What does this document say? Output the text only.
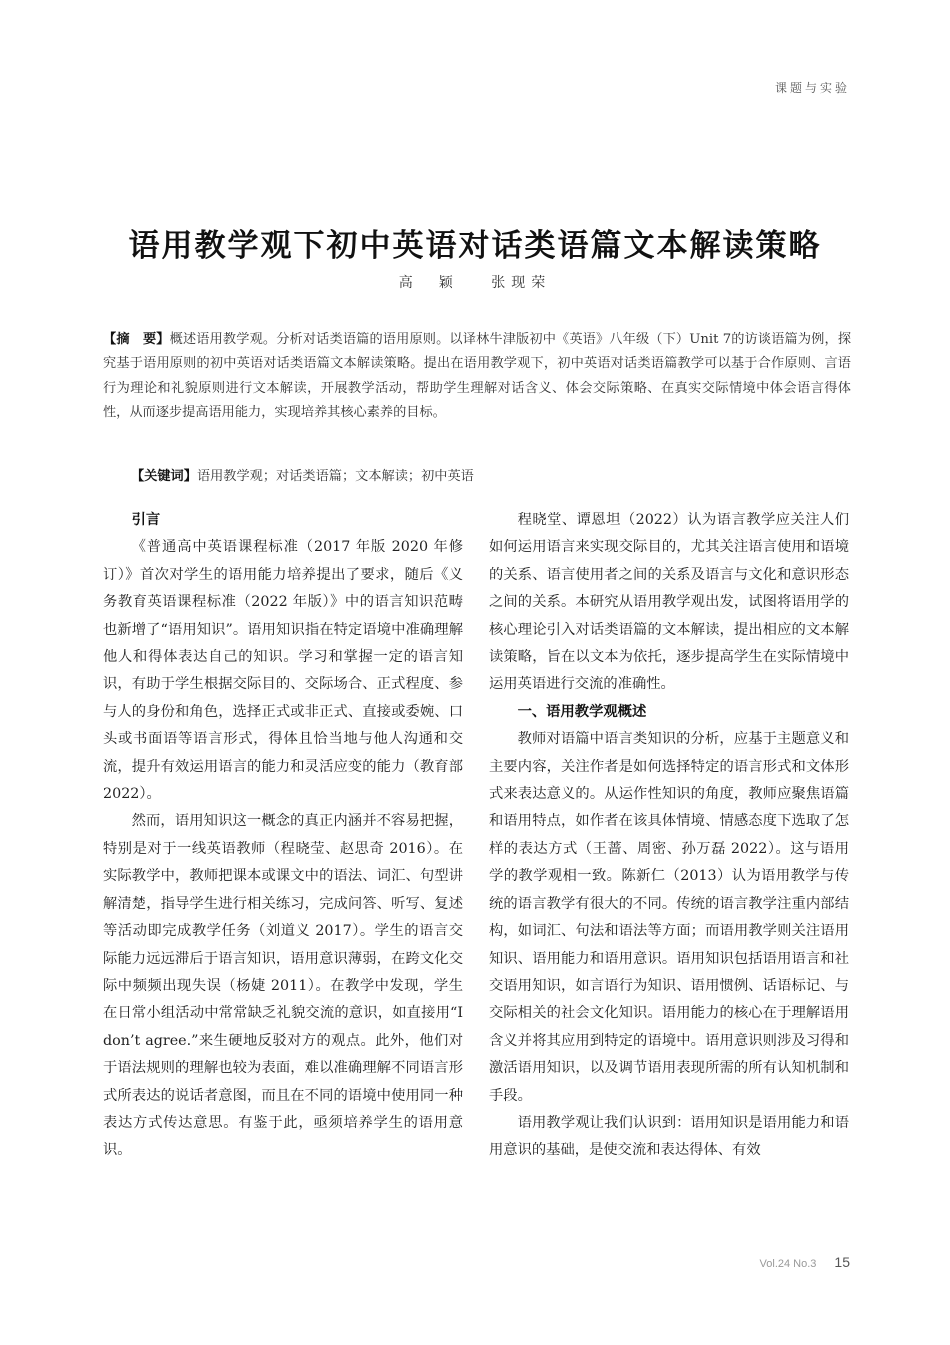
课题与实验
语用教学观下初中英语对话类语篇文本解读策略
高　颖 张现荣
【摘　要】概述语用教学观。分析对话类语篇的语用原则。以译林牛津版初中《英语》八年级（下）Unit 7的访谈语篇为例，探究基于语用原则的初中英语对话类语篇文本解读策略。提出在语用教学观下，初中英语对话类语篇教学可以基于合作原则、言语行为理论和礼貌原则进行文本解读，开展教学活动，帮助学生理解对话含义、体会交际策略、在真实交际情境中体会语言得体性，从而逐步提高语用能力，实现培养其核心素养的目标。
【关键词】语用教学观；对话类语篇；文本解读；初中英语
引言

《普通高中英语课程标准（2017 年版 2020 年修订）》首次对学生的语用能力培养提出了要求，随后《义务教育英语课程标准（2022 年版）》中的语言知识范畴也新增了“语用知识”。语用知识指在特定语境中准确理解他人和得体表达自己的知识。学习和掌握一定的语言知识，有助于学生根据交际目的、交际场合、正式程度、参与人的身份和角色，选择正式或非正式、直接或委婉、口头或书面语等语言形式，得体且恰当地与他人沟通和交流，提升有效运用语言的能力和灵活应变的能力（教育部 2022）。

然而，语用知识这一概念的真正内涵并不容易把握，特别是对于一线英语教师（程晓莹、赵思奇 2016）。在实际教学中，教师把课本或课文中的语法、词汇、句型讲解清楚，指导学生进行相关练习，完成问答、听写、复述等活动即完成教学任务（刘道义 2017）。学生的语言交际能力远远滞后于语言知识，语用意识薄弱，在跨文化交际中频频出现失误（杨婕 2011）。在教学中发现，学生在日常小组活动中常常缺乏礼貌交流的意识，如直接用“I don’t agree.”来生硬地反驳对方的观点。此外，他们对于语法规则的理解也较为表面，难以准确理解不同语言形式所表达的说话者意图，而且在不同的语境中使用同一种表达方式传达意思。有鉴于此，亟须培养学生的语用意识。

程晓堂、谭恩坦（2022）认为语言教学应关注人们如何运用语言来实现交际目的，尤其关注语言使用和语境的关系、语言使用者之间的关系及语言与文化和意识形态之间的关系。本研究从语用教学观出发，试图将语用学的核心理论引入对话类语篇的文本解读，提出相应的文本解读策略，旨在以文本为依托，逐步提高学生在实际情境中运用英语进行交流的准确性。

一、语用教学观概述

教师对语篇中语言类知识的分析，应基于主题意义和主要内容，关注作者是如何选择特定的语言形式和文体形式来表达意义的。从运作性知识的角度，教师应聚焦语篇和语用特点，如作者在该具体情境、情感态度下选取了怎样的表达方式（王蔷、周密、孙万磊 2022）。这与语用学的教学观相一致。陈新仁（2013）认为语用教学与传统的语言教学有很大的不同。传统的语言教学注重内部结构，如词汇、句法和语法等方面；而语用教学则关注语用知识、语用能力和语用意识。语用知识包括语用语言和社交语用知识，如言语行为知识、语用惯例、话语标记、与交际相关的社会文化知识。语用能力的核心在于理解语用含义并将其应用到特定的语境中。语用意识则涉及习得和激活语用知识，以及调节语用表现所需的所有认知机制和手段。

语用教学观让我们认识到：语用知识是语用能力和语用意识的基础，是使交流和表达得体、有效

Vol.24 No.3 15
